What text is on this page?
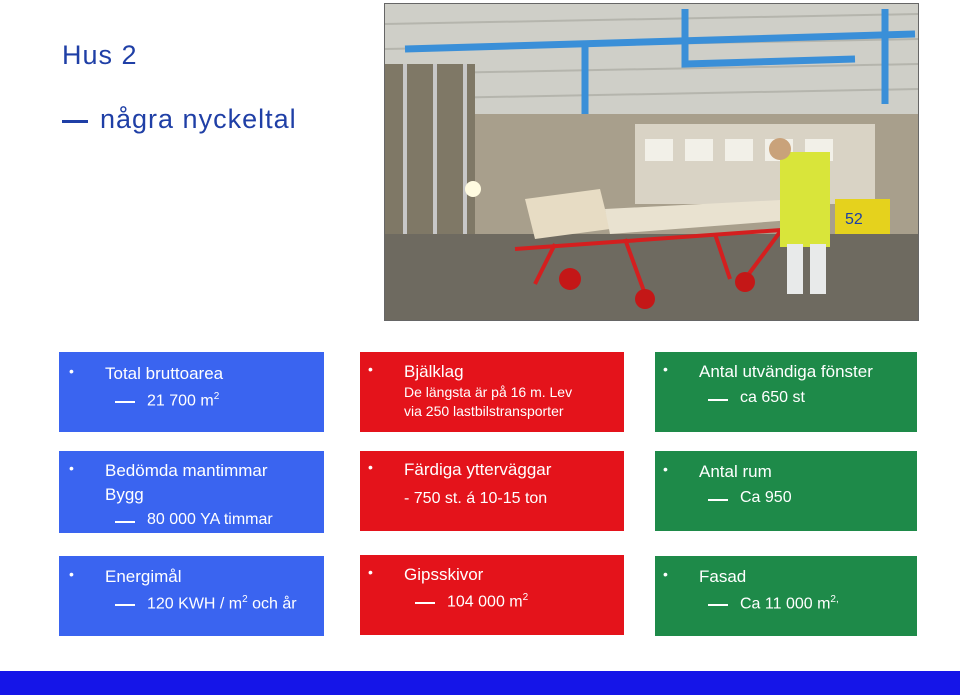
Hus 2
några nyckeltal
52
• Total bruttoarea
21 700 $m^2$
• Bjälklag
De längsta är på 16 m. Lev
via 250 lastbilstransporter
• Antal utvändiga fönster
ca 650 st
• Bedömda mantimmar
Bygg
80 000 YA timmar
• Färdiga ytterväggar
- 750 st. á 10-15 ton
• Antal rum
Ca 950
• Energimål
120 KWH / $m^2$ och år
• Gipsskivor
104 000 $m^2$
• Fasad
Ca 11 000 $m^{2,}$
